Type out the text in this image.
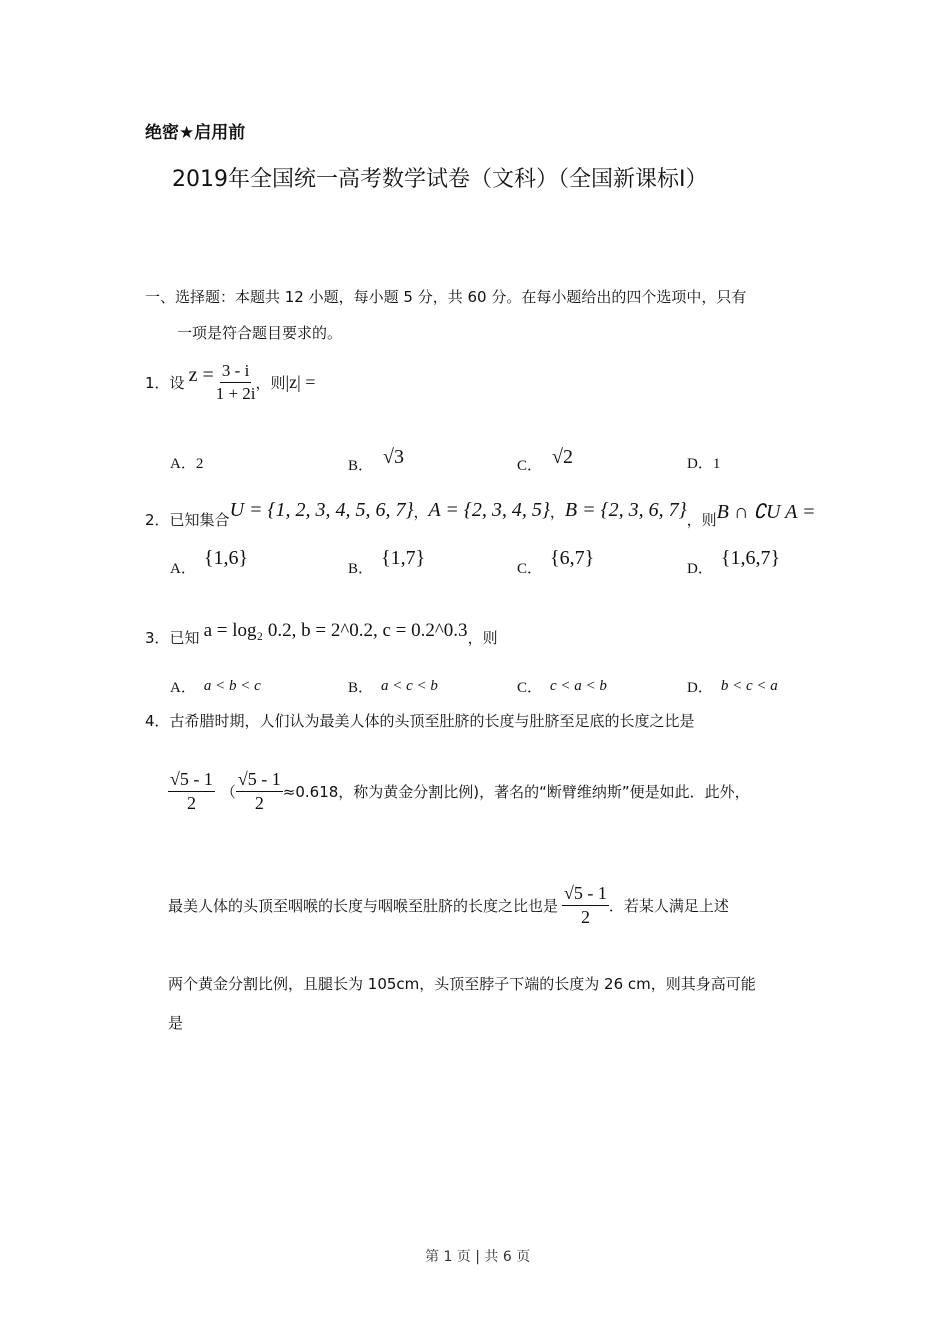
绝密★启用前
2019年全国统一高考数学试卷（文科）（全国新课标Ⅰ）
一、选择题：本题共 12 小题，每小题 5 分，共 60 分。在每小题给出的四个选项中，只有
一项是符合题目要求的。
1． 设 $z = \frac{3 - i}{1 + 2i}$ ，则 |z| =
A．2	B． √3	C． √2	D．1
2． 已知集合 U = {1, 2, 3, 4, 5, 6, 7} ， A = {2, 3, 4, 5} ， B = {2, 3, 6, 7} ，则 B ∩ ∁U A =
A． {1,6}	B． {1,7}	C． {6,7}	D． {1,6,7}
3． 已知 a = log₂ 0.2, b = 2^0.2, c = 0.2^0.3 ，则
A． a < b < c	B． a < c < b	C． c < a < b	D． b < c < a
4．古希腊时期，人们认为最美人体的头顶至肚脐的长度与肚脐至足底的长度之比是
$\frac{√5 - 1}{2}$ （ $\frac{√5 - 1}{2} \approx 0.618$，称为黄金分割比例)，著名的“断臂维纳斯”便是如此．此外，
最美人体的头顶至咽喉的长度与咽喉至肚脐的长度之比也是 $\frac{√5 - 1}{2}$ ．若某人满足上述
两个黄金分割比例，且腿长为 105cm，头顶至脖子下端的长度为 26 cm，则其身高可能
是
第 1 页 | 共 6 页
